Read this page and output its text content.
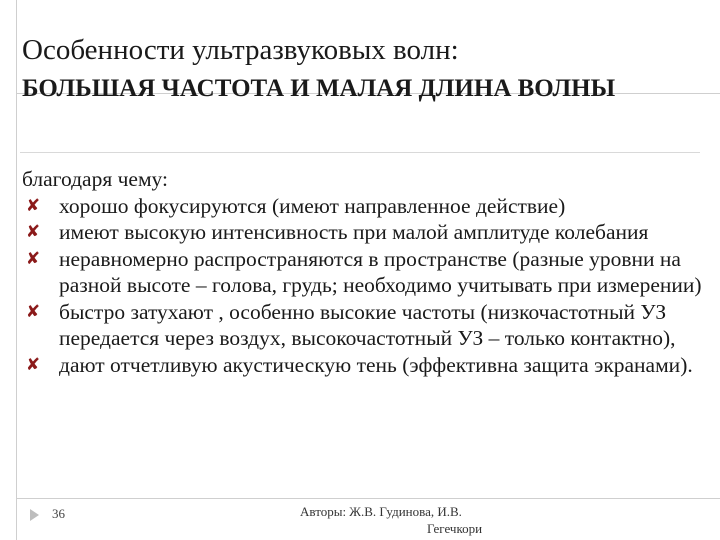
Особенности ультразвуковых волн:
БОЛЬШАЯ ЧАСТОТА И МАЛАЯ ДЛИНА ВОЛНЫ

благодаря чему:

✘ хорошо фокусируются (имеют направленное действие)
✘ имеют высокую интенсивность при малой амплитуде колебания
✘ неравномерно распространяются в пространстве (разные уровни на разной высоте – голова, грудь; необходимо учитывать при измерении)
✘ быстро затухают , особенно высокие частоты (низкочастотный УЗ передается через воздух, высокочастотный УЗ – только контактно),
✘ дают отчетливую акустическую тень (эффективна защита экранами).
36	Авторы: Ж.В. Гудинова, И.В.
Гегечкори
